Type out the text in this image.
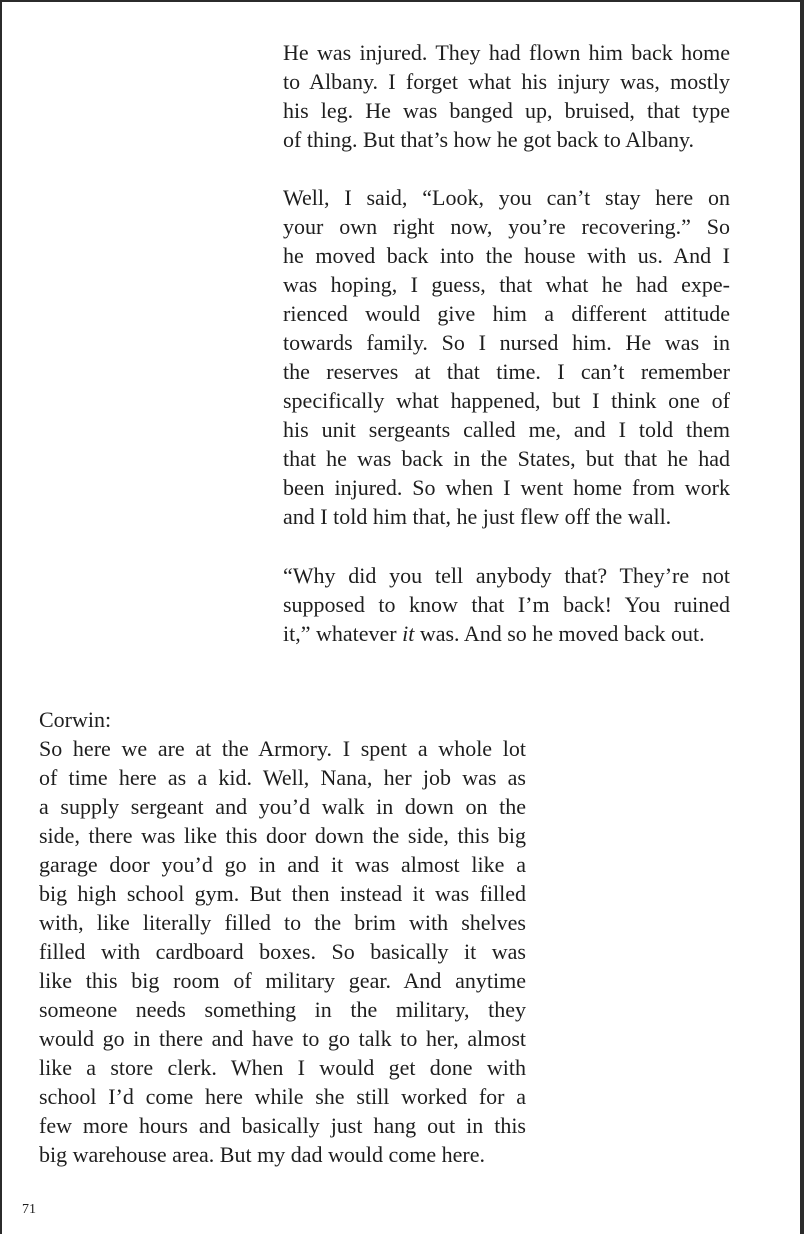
He was injured. They had flown him back home
to Albany. I forget what his injury was, mostly
his leg. He was banged up, bruised, that type
of thing. But that’s how he got back to Albany.
Well, I said, “Look, you can’t stay here on
your own right now, you’re recovering.” So
he moved back into the house with us. And I
was hoping, I guess, that what he had expe-
rienced would give him a different attitude
towards family. So I nursed him. He was in
the reserves at that time. I can’t remember
specifically what happened, but I think one of
his unit sergeants called me, and I told them
that he was back in the States, but that he had
been injured. So when I went home from work
and I told him that, he just flew off the wall.
“Why did you tell anybody that? They’re not
supposed to know that I’m back! You ruined
it,” whatever it was. And so he moved back out.
Corwin:
So here we are at the Armory. I spent a whole lot
of time here as a kid. Well, Nana, her job was as
a supply sergeant and you’d walk in down on the
side, there was like this door down the side, this big
garage door you’d go in and it was almost like a
big high school gym. But then instead it was filled
with, like literally filled to the brim with shelves
filled with cardboard boxes. So basically it was
like this big room of military gear. And anytime
someone needs something in the military, they
would go in there and have to go talk to her, almost
like a store clerk. When I would get done with
school I’d come here while she still worked for a
few more hours and basically just hang out in this
big warehouse area. But my dad would come here.
71
